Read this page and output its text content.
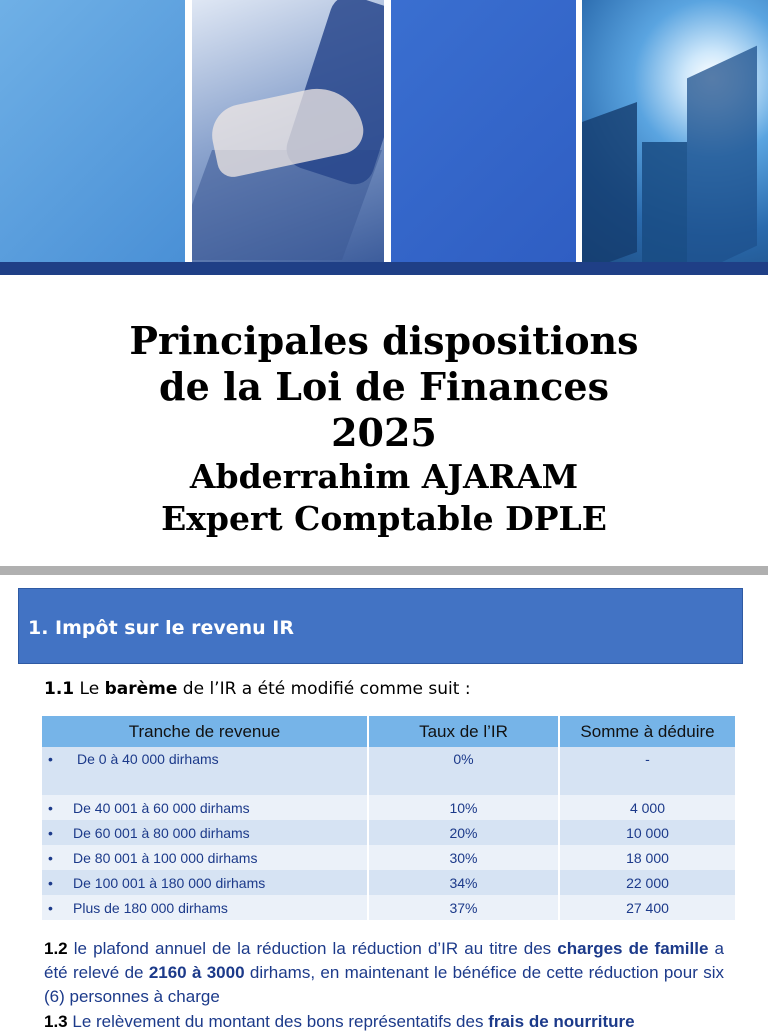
Principales dispositions de la Loi de Finances 2025
Abderrahim AJARAM
Expert Comptable DPLE
1. Impôt sur le revenu IR
1.1 Le barème de l’IR a été modifié comme suit :
Tranche de revenue	Taux de l’IR	Somme à déduire
• De 0 à 40 000 dirhams	0%	-
• De 40 001 à 60 000 dirhams	10%	4 000
• De 60 001 à 80 000 dirhams	20%	10 000
• De 80 001 à 100 000 dirhams	30%	18 000
• De 100 001 à 180 000 dirhams	34%	22 000
• Plus de 180 000 dirhams	37%	27 400
1.2 le plafond annuel de la réduction la réduction d’IR au titre des charges de famille a été relevé de 2160 à 3000 dirhams, en maintenant le bénéfice de cette réduction pour six (6) personnes à charge
1.3 Le relèvement du montant des bons représentatifs des frais de nourriture
